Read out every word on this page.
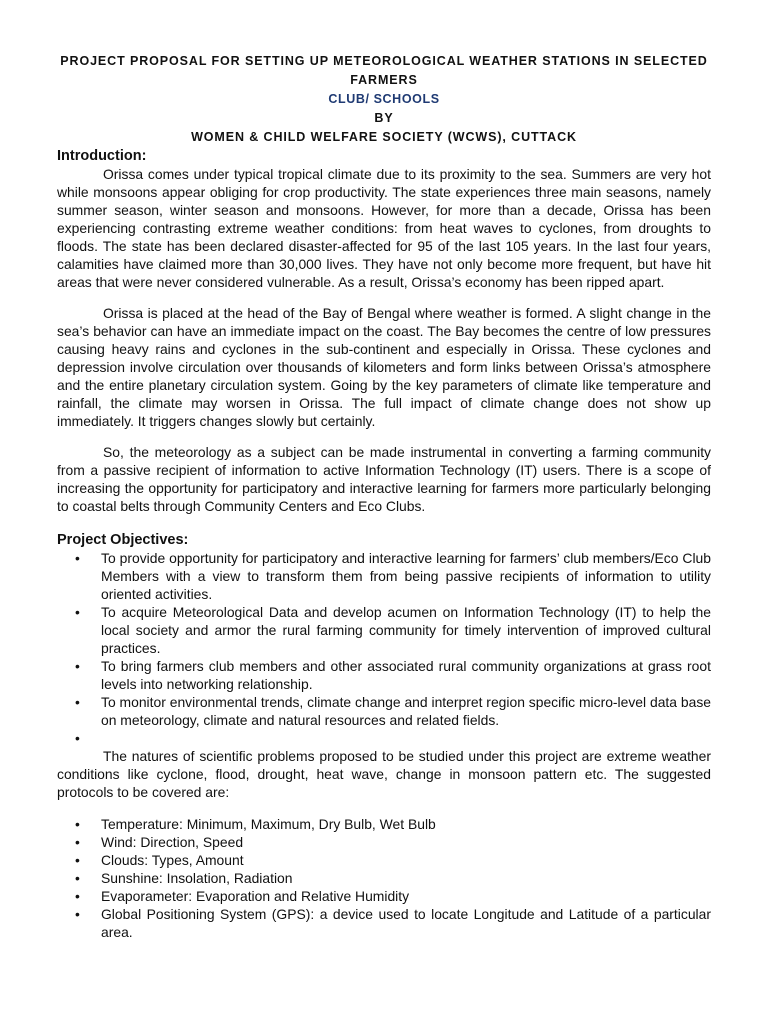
PROJECT PROPOSAL FOR SETTING UP METEOROLOGICAL WEATHER STATIONS IN SELECTED FARMERS

CLUB/ SCHOOLS

BY

WOMEN & CHILD WELFARE SOCIETY (WCWS), CUTTACK

Introduction:

Orissa comes under typical tropical climate due to its proximity to the sea. Summers are very hot while monsoons appear obliging for crop productivity. The state experiences three main seasons, namely summer season, winter season and monsoons. However, for more than a decade, Orissa has been experiencing contrasting extreme weather conditions: from heat waves to cyclones, from droughts to floods. The state has been declared disaster-affected for 95 of the last 105 years. In the last four years, calamities have claimed more than 30,000 lives. They have not only become more frequent, but have hit areas that were never considered vulnerable. As a result, Orissa’s economy has been ripped apart.

Orissa is placed at the head of the Bay of Bengal where weather is formed. A slight change in the sea’s behavior can have an immediate impact on the coast. The Bay becomes the centre of low pressures causing heavy rains and cyclones in the sub-continent and especially in Orissa. These cyclones and depression involve circulation over thousands of kilometers and form links between Orissa’s atmosphere and the entire planetary circulation system. Going by the key parameters of climate like temperature and rainfall, the climate may worsen in Orissa. The full impact of climate change does not show up immediately. It triggers changes slowly but certainly.

So, the meteorology as a subject can be made instrumental in converting a farming community from a passive recipient of information to active Information Technology (IT) users. There is a scope of increasing the opportunity for participatory and interactive learning for farmers more particularly belonging to coastal belts through Community Centers and Eco Clubs.

Project Objectives:

• To provide opportunity for participatory and interactive learning for farmers’ club members/Eco Club Members with a view to transform them from being passive recipients of information to utility oriented activities.
• To acquire Meteorological Data and develop acumen on Information Technology (IT) to help the local society and armor the rural farming community for timely intervention of improved cultural practices.
• To bring farmers club members and other associated rural community organizations at grass root levels into networking relationship.
• To monitor environmental trends, climate change and interpret region specific micro-level data base on meteorology, climate and natural resources and related fields.
•

The natures of scientific problems proposed to be studied under this project are extreme weather conditions like cyclone, flood, drought, heat wave, change in monsoon pattern etc. The suggested protocols to be covered are:

• Temperature: Minimum, Maximum, Dry Bulb, Wet Bulb
• Wind: Direction, Speed
• Clouds: Types, Amount
• Sunshine: Insolation, Radiation
• Evaporameter: Evaporation and Relative Humidity
• Global Positioning System (GPS): a device used to locate Longitude and Latitude of a particular area.
